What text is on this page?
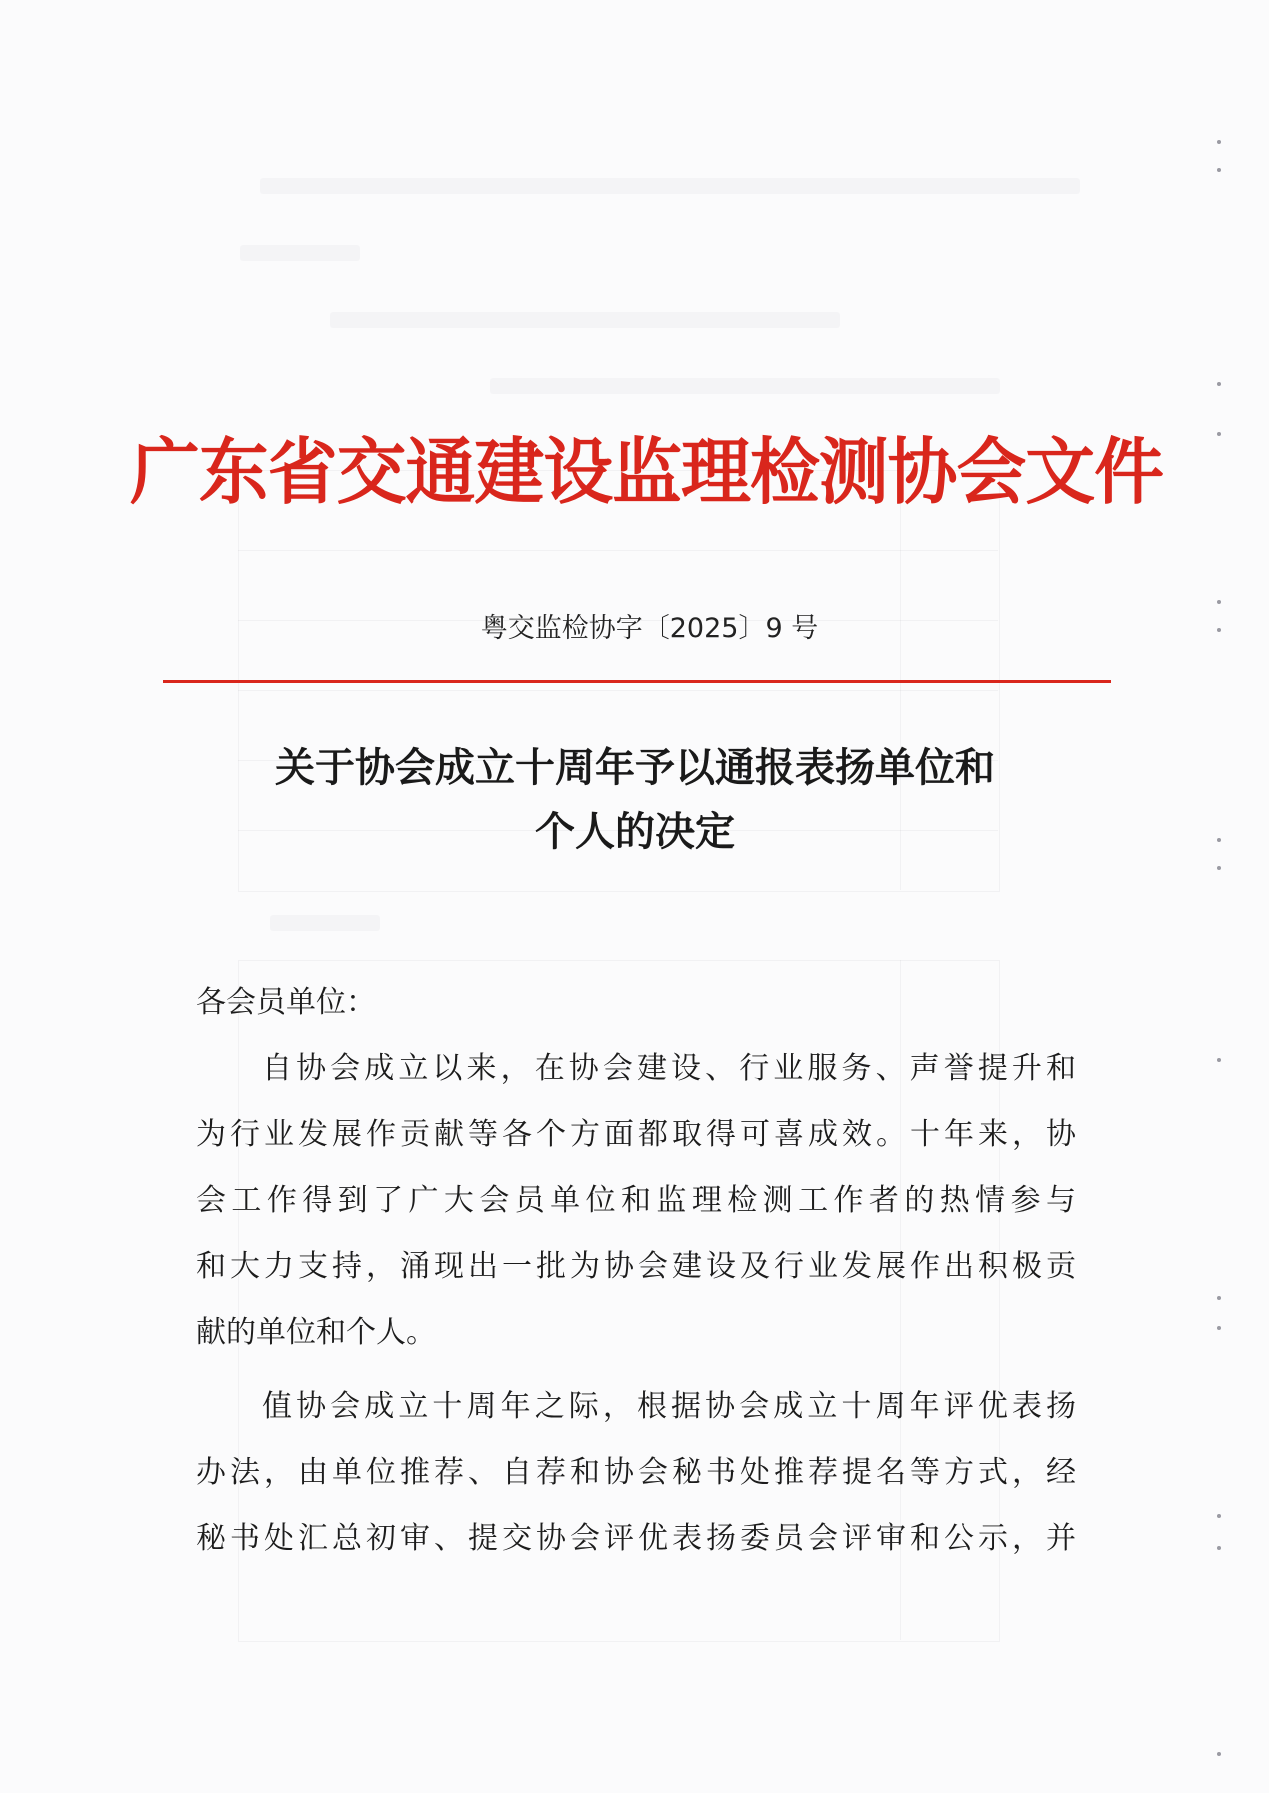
广东省交通建设监理检测协会文件
粤交监检协字〔2025〕9 号
关于协会成立十周年予以通报表扬单位和
个人的决定

各会员单位：

自协会成立以来，在协会建设、行业服务、声誉提升和

为行业发展作贡献等各个方面都取得可喜成效。十年来，协

会工作得到了广大会员单位和监理检测工作者的热情参与

和大力支持，涌现出一批为协会建设及行业发展作出积极贡

献的单位和个人。

值协会成立十周年之际，根据协会成立十周年评优表扬

办法，由单位推荐、自荐和协会秘书处推荐提名等方式，经

秘书处汇总初审、提交协会评优表扬委员会评审和公示，并
